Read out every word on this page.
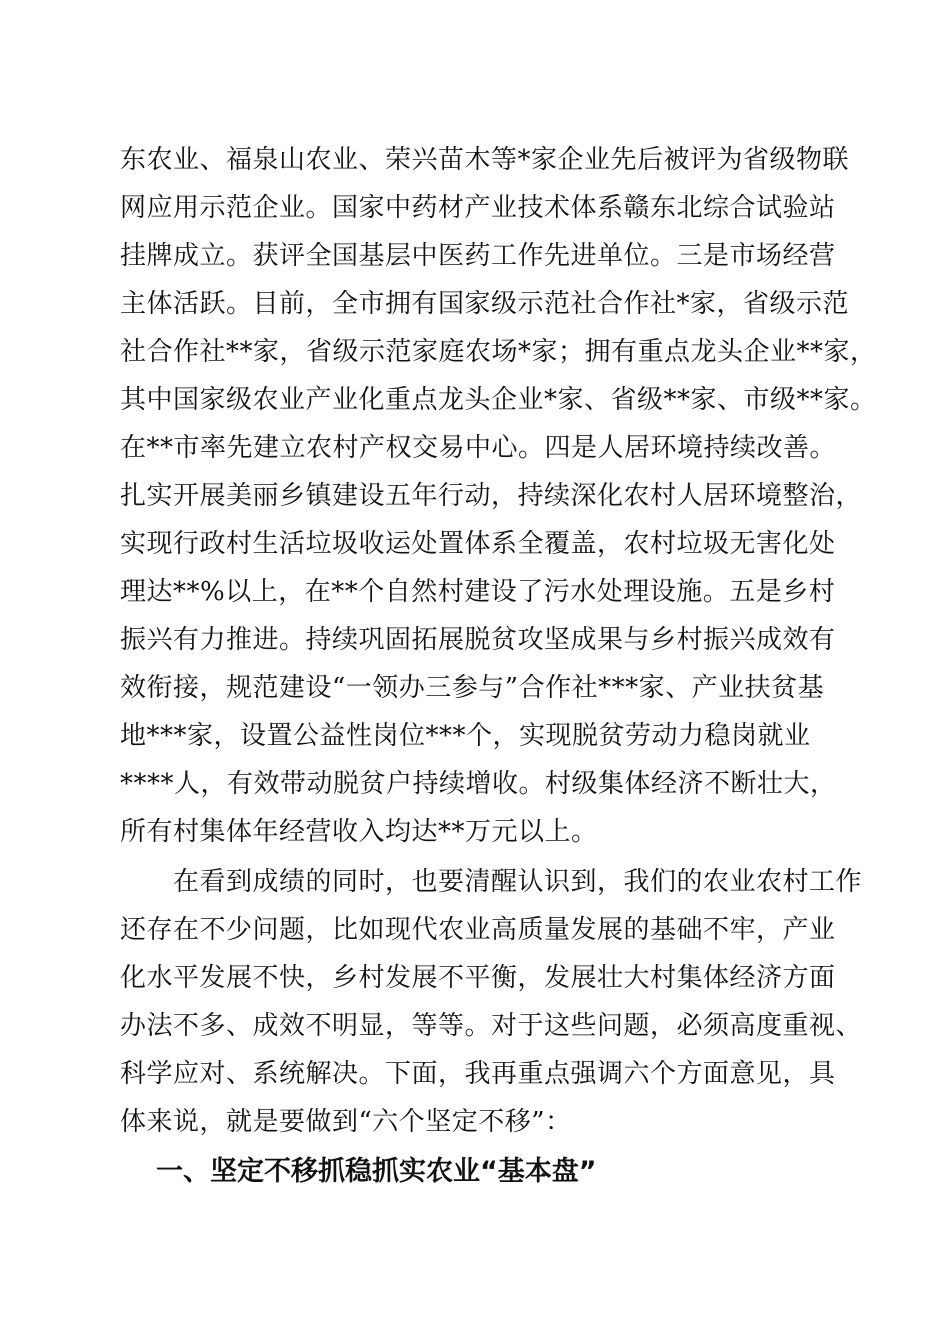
东农业、福泉山农业、荣兴苗木等*家企业先后被评为省级物联
网应用示范企业。国家中药材产业技术体系赣东北综合试验站
挂牌成立。获评全国基层中医药工作先进单位。三是市场经营
主体活跃。目前，全市拥有国家级示范社合作社*家，省级示范
社合作社**家，省级示范家庭农场*家；拥有重点龙头企业**家，
其中国家级农业产业化重点龙头企业*家、省级**家、市级**家。
在**市率先建立农村产权交易中心。四是人居环境持续改善。
扎实开展美丽乡镇建设五年行动，持续深化农村人居环境整治，
实现行政村生活垃圾收运处置体系全覆盖，农村垃圾无害化处
理达**%以上，在**个自然村建设了污水处理设施。五是乡村
振兴有力推进。持续巩固拓展脱贫攻坚成果与乡村振兴成效有
效衔接，规范建设“一领办三参与”合作社***家、产业扶贫基
地***家，设置公益性岗位***个，实现脱贫劳动力稳岗就业
****人，有效带动脱贫户持续增收。村级集体经济不断壮大，
所有村集体年经营收入均达**万元以上。
　　在看到成绩的同时，也要清醒认识到，我们的农业农村工作
还存在不少问题，比如现代农业高质量发展的基础不牢，产业
化水平发展不快，乡村发展不平衡，发展壮大村集体经济方面
办法不多、成效不明显，等等。对于这些问题，必须高度重视、
科学应对、系统解决。下面，我再重点强调六个方面意见，具
体来说，就是要做到“六个坚定不移”：
一、坚定不移抓稳抓实农业“基本盘”
